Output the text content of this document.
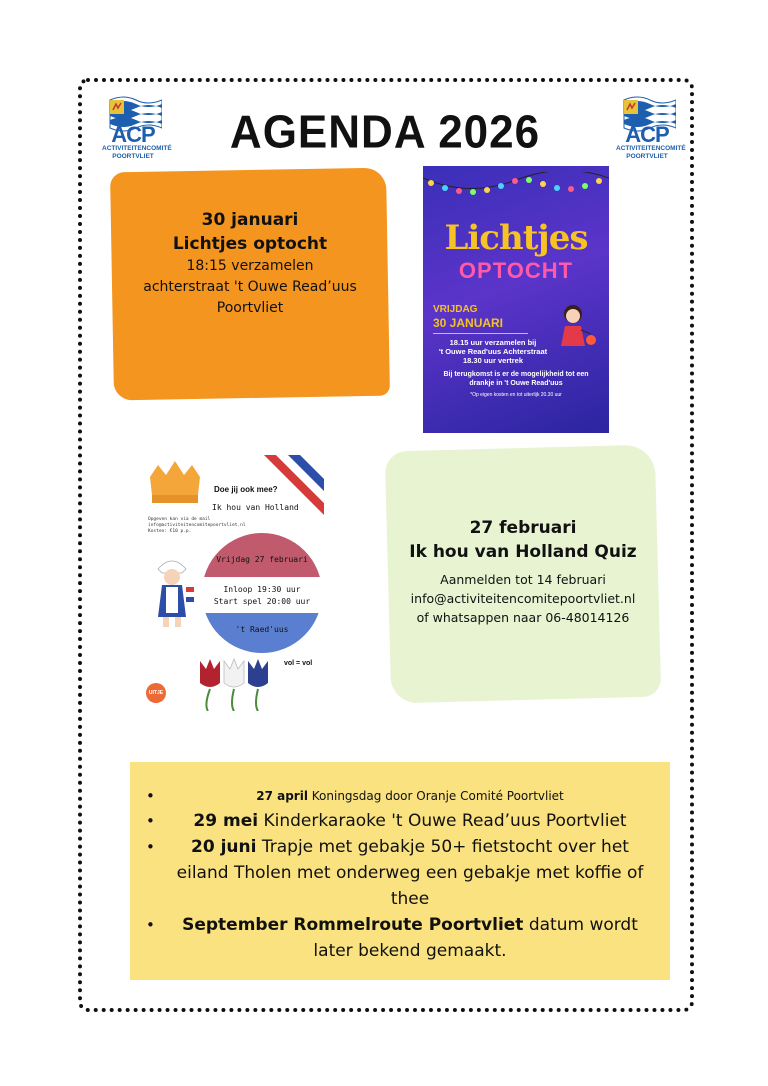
ACP
ACTIVITEITENCOMITÉ
POORTVLIET
ACP
ACTIVITEITENCOMITÉ
POORTVLIET
AGENDA 2026
30 januari
Lichtjes optocht
18:15 verzamelen
achterstraat 't Ouwe Read’uus
Poortvliet
Lichtjes
OPTOCHT
VRIJDAG
30 JANUARI
18.15 uur verzamelen bij
't Ouwe Read'uus Achterstraat
18.30 uur vertrek
Bij terugkomst is er de mogelijkheid tot een
drankje in 't Ouwe Read'uus
*Op eigen kosten en tot uiterlijk 20.30 uur
Doe jij ook mee?
Ik hou van Holland
Opgeven kan via de mail
info@activiteitencomitepoortvliet.nl
Kosten: €10 p.p.
Vrijdag 27 februari
Inloop 19:30 uur
Start spel 20:00 uur
't Raed'uus
vol = vol
UITJE IN
27 februari
Ik hou van Holland Quiz
Aanmelden tot 14 februari
info@activiteitencomitepoortvliet.nl
of whatsappen naar 06-48014126
•	27 april Koningsdag door Oranje Comité Poortvliet
• 29 mei Kinderkaraoke 't Ouwe Read’uus Poortvliet
• 20 juni Trapje met gebakje 50+ fietstocht over het eiland Tholen met onderweg een gebakje met koffie of thee
• September Rommelroute Poortvliet datum wordt later bekend gemaakt.
